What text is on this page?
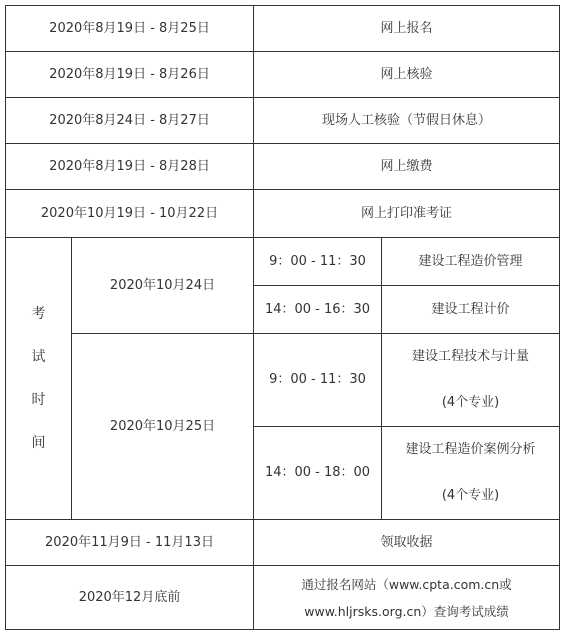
2020年8月19日 - 8月25日		网上报名	
2020年8月19日 - 8月26日		网上核验	
2020年8月24日 - 8月27日		现场人工核验（节假日休息）	
2020年8月19日 - 8月28日		网上缴费	
2020年10月19日 - 10月22日		网上打印准考证	

考
试
时
间	2020年10月24日	9：00 - 11：30	建设工程造价管理
		14：00 - 16：30	建设工程计价
	2020年10月25日	9：00 - 11：30	建设工程技术与计量
(4个专业)

		14：00 - 18：00	建设工程造价案例分析
(4个专业)

2020年11月9日 - 11月13日		领取收据	
2020年12月底前		通过报名网站（www.cpta.com.cn或
www.hljrsks.org.cn）查询考试成绩	
